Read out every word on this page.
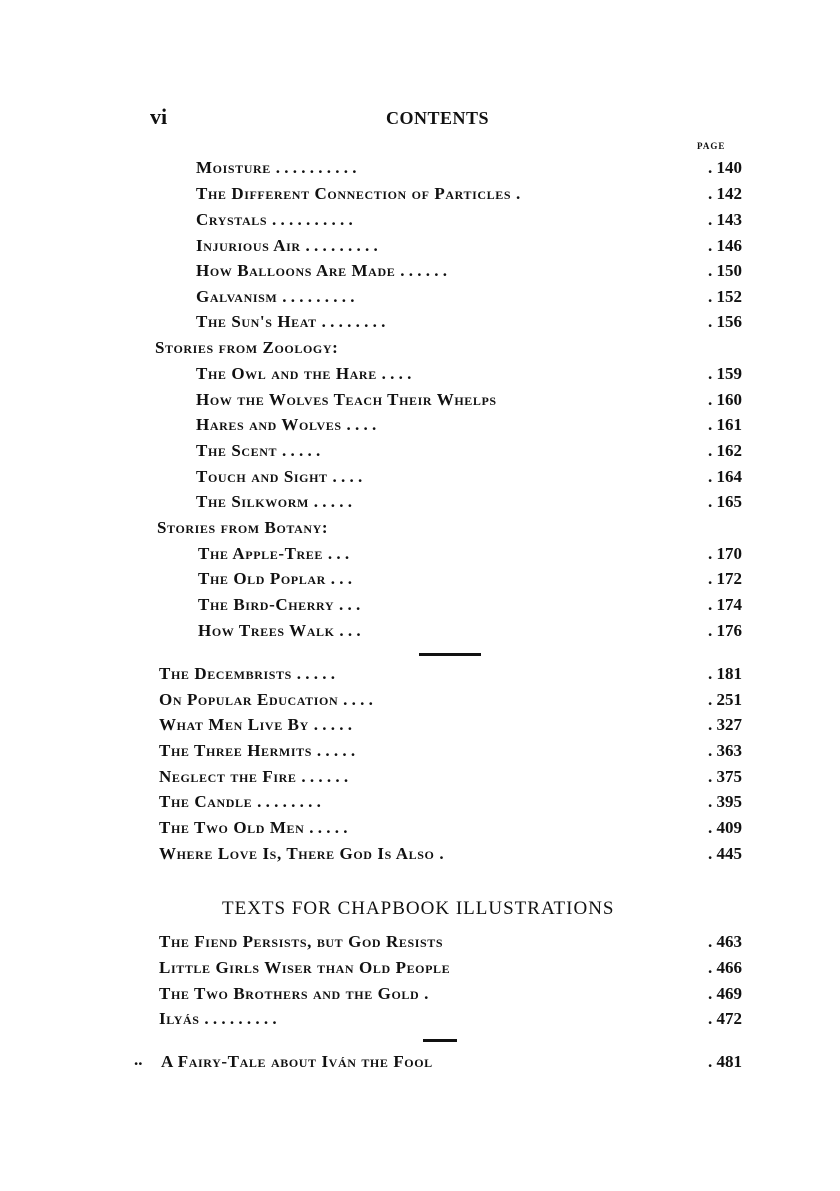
vi	CONTENTS
PAGE
Moisture . . . . . . . . . .	. 140
The Different Connection of Particles .	. 142
Crystals . . . . . . . . . .	. 143
Injurious Air . . . . . . . . .	. 146
How Balloons Are Made . . . . . .	. 150
Galvanism . . . . . . . . .	. 152
The Sun's Heat . . . . . . . .	. 156
Stories from Zoology:
The Owl and the Hare . . . .	. 159
How the Wolves Teach Their Whelps	. 160
Hares and Wolves . . . .	. 161
The Scent . . . . .	. 162
Touch and Sight . . . .	. 164
The Silkworm . . . . .	. 165
Stories from Botany:
The Apple-Tree . . .	. 170
The Old Poplar . . .	. 172
The Bird-Cherry . . .	. 174
How Trees Walk . . .	. 176
The Decembrists . . . . .	. 181
On Popular Education . . . .	. 251
What Men Live By . . . . .	. 327
The Three Hermits . . . . .	. 363
Neglect the Fire . . . . . .	. 375
The Candle . . . . . . . .	. 395
The Two Old Men . . . . .	. 409
Where Love Is, There God Is Also .	. 445
TEXTS FOR CHAPBOOK ILLUSTRATIONS
The Fiend Persists, but God Resists	. 463
Little Girls Wiser than Old People	. 466
The Two Brothers and the Gold .	. 469
Ilyás . . . . . . . . .	. 472
.. A Fairy-Tale about Iván the Fool	. 481
